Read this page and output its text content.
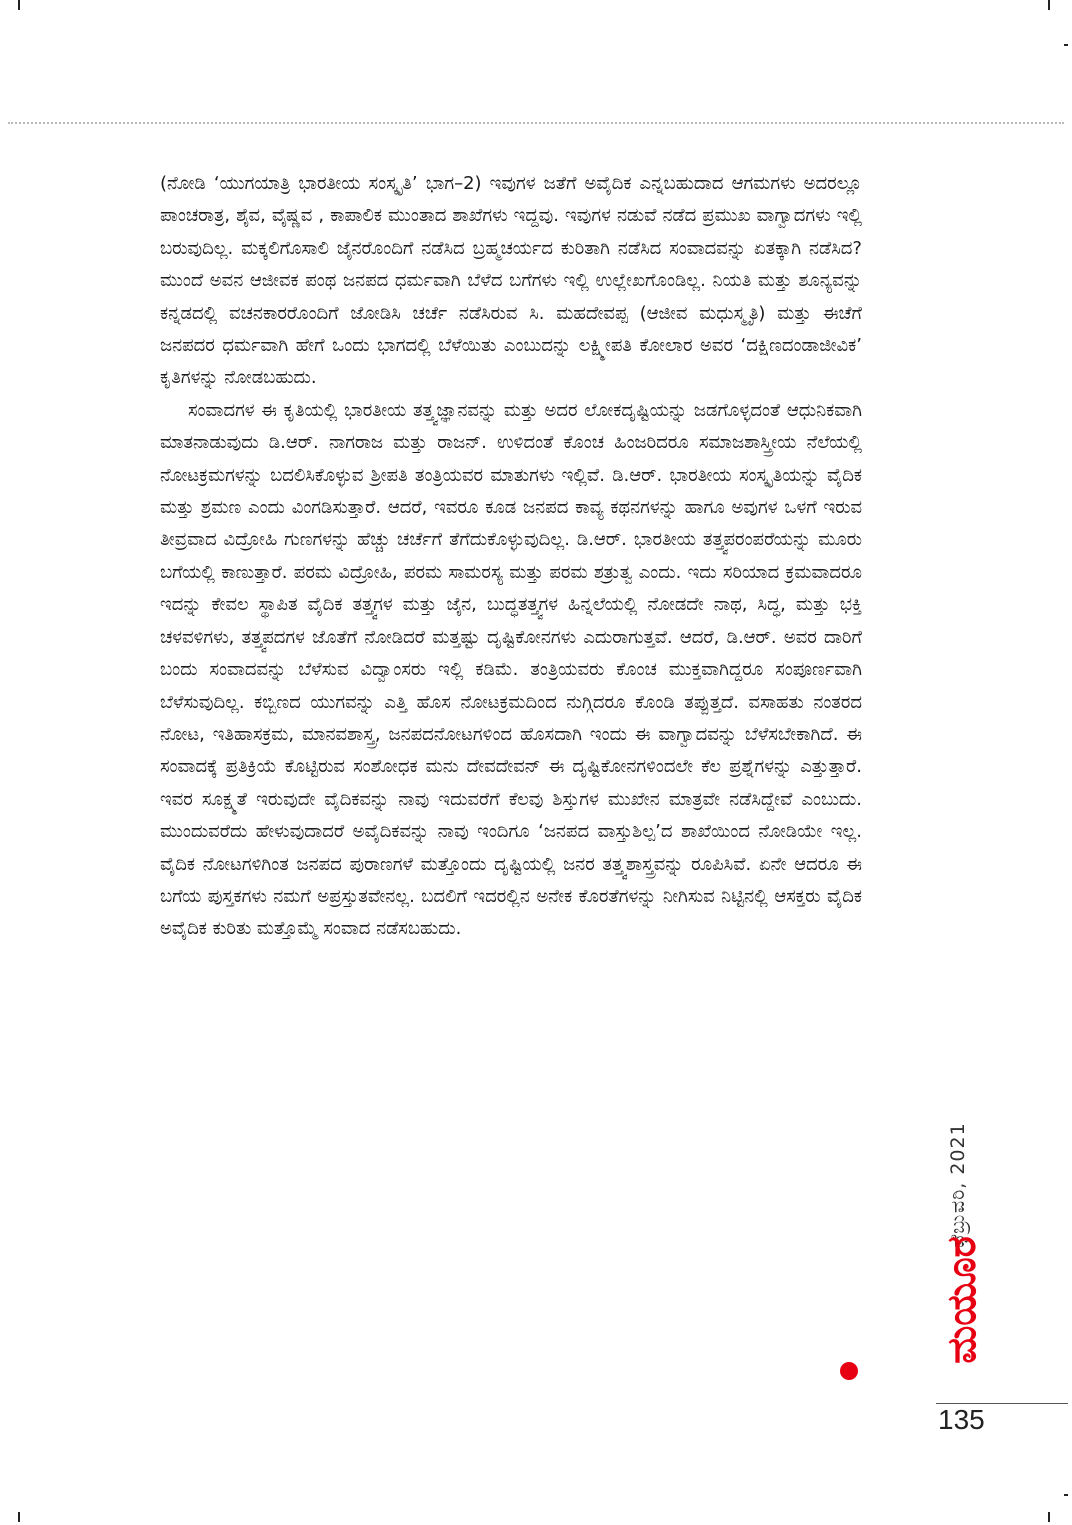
(ನೋಡಿ ‘ಯುಗಯಾತ್ರಿ ಭಾರತೀಯ ಸಂಸ್ಕೃತಿ’ ಭಾಗ–2) ಇವುಗಳ ಜತೆಗೆ ಅವೈದಿಕ ಎನ್ನಬಹುದಾದ ಆಗಮಗಳು ಅದರಲ್ಲೂ ಪಾಂಚರಾತ್ರ, ಶೈವ, ವೈಷ್ಣವ , ಕಾಪಾಲಿಕ ಮುಂತಾದ ಶಾಖೆಗಳು ಇದ್ದವು. ಇವುಗಳ ನಡುವೆ ನಡೆದ ಪ್ರಮುಖ ವಾಗ್ವಾದಗಳು ಇಲ್ಲಿ ಬರುವುದಿಲ್ಲ. ಮಕ್ಕಲಿಗೊಸಾಲಿ ಜೈನರೊಂದಿಗೆ ನಡೆಸಿದ ಬ್ರಹ್ಮಚರ್ಯದ ಕುರಿತಾಗಿ ನಡೆಸಿದ ಸಂವಾದವನ್ನು ಏತಕ್ಕಾಗಿ ನಡೆಸಿದ? ಮುಂದೆ ಅವನ ಆಜೀವಕ ಪಂಥ ಜನಪದ ಧರ್ಮವಾಗಿ ಬೆಳೆದ ಬಗೆಗಳು ಇಲ್ಲಿ ಉಲ್ಲೇಖಗೊಂಡಿಲ್ಲ. ನಿಯತಿ ಮತ್ತು ಶೂನ್ಯವನ್ನು ಕನ್ನಡದಲ್ಲಿ ವಚನಕಾರರೊಂದಿಗೆ ಜೋಡಿಸಿ ಚರ್ಚೆ ನಡೆಸಿರುವ ಸಿ. ಮಹದೇವಪ್ಪ (ಆಜೀವ ಮಧುಸ್ಮೃತಿ) ಮತ್ತು ಈಚೆಗೆ ಜನಪದರ ಧರ್ಮವಾಗಿ ಹೇಗೆ ಒಂದು ಭಾಗದಲ್ಲಿ ಬೆಳೆಯಿತು ಎಂಬುದನ್ನು ಲಕ್ಷ್ಮೀಪತಿ ಕೋಲಾರ ಅವರ ‘ದಕ್ಷಿಣದಂಡಾಜೀವಿಕ’ ಕೃತಿಗಳನ್ನು ನೋಡಬಹುದು.

ಸಂವಾದಗಳ ಈ ಕೃತಿಯಲ್ಲಿ ಭಾರತೀಯ ತತ್ತ್ವಜ್ಞಾನವನ್ನು ಮತ್ತು ಅದರ ಲೋಕದೃಷ್ಟಿಯನ್ನು ಜಡಗೊಳ್ಳದಂತೆ ಆಧುನಿಕವಾಗಿ ಮಾತನಾಡುವುದು ಡಿ.ಆರ್. ನಾಗರಾಜ ಮತ್ತು ರಾಜನ್. ಉಳಿದಂತೆ ಕೊಂಚ ಹಿಂಜರಿದರೂ ಸಮಾಜಶಾಸ್ತ್ರೀಯ ನೆಲೆಯಲ್ಲಿ ನೋಟಕ್ರಮಗಳನ್ನು ಬದಲಿಸಿಕೊಳ್ಳುವ ಶ್ರೀಪತಿ ತಂತ್ರಿಯವರ ಮಾತುಗಳು ಇಲ್ಲಿವೆ. ಡಿ.ಆರ್. ಭಾರತೀಯ ಸಂಸ್ಕೃತಿಯನ್ನು ವೈದಿಕ ಮತ್ತು ಶ್ರಮಣ ಎಂದು ವಿಂಗಡಿಸುತ್ತಾರೆ. ಆದರೆ, ಇವರೂ ಕೂಡ ಜನಪದ ಕಾವ್ಯ ಕಥನಗಳನ್ನು ಹಾಗೂ ಅವುಗಳ ಒಳಗೆ ಇರುವ ತೀವ್ರವಾದ ವಿದ್ರೋಹಿ ಗುಣಗಳನ್ನು ಹೆಚ್ಚು ಚರ್ಚೆಗೆ ತೆಗೆದುಕೊಳ್ಳುವುದಿಲ್ಲ. ಡಿ.ಆರ್. ಭಾರತೀಯ ತತ್ತ್ವಪರಂಪರೆಯನ್ನು ಮೂರು ಬಗೆಯಲ್ಲಿ ಕಾಣುತ್ತಾರೆ. ಪರಮ ವಿದ್ರೋಹಿ, ಪರಮ ಸಾಮರಸ್ಯ ಮತ್ತು ಪರಮ ಶತ್ರುತ್ವ ಎಂದು. ಇದು ಸರಿಯಾದ ಕ್ರಮವಾದರೂ ಇದನ್ನು ಕೇವಲ ಸ್ಥಾಪಿತ ವೈದಿಕ ತತ್ತ್ವಗಳ ಮತ್ತು ಜೈನ, ಬುದ್ಧತತ್ತ್ವಗಳ ಹಿನ್ನಲೆಯಲ್ಲಿ ನೋಡದೇ ನಾಥ, ಸಿದ್ಧ, ಮತ್ತು ಭಕ್ತಿ ಚಳವಳಿಗಳು, ತತ್ತ್ವಪದಗಳ ಜೊತೆಗೆ ನೋಡಿದರೆ ಮತ್ತಷ್ಟು ದೃಷ್ಟಿಕೋನಗಳು ಎದುರಾಗುತ್ತವೆ. ಆದರೆ, ಡಿ.ಆರ್. ಅವರ ದಾರಿಗೆ ಬಂದು ಸಂವಾದವನ್ನು ಬೆಳೆಸುವ ವಿದ್ವಾಂಸರು ಇಲ್ಲಿ ಕಡಿಮೆ. ತಂತ್ರಿಯವರು ಕೊಂಚ ಮುಕ್ತವಾಗಿದ್ದರೂ ಸಂಪೂರ್ಣವಾಗಿ ಬೆಳೆಸುವುದಿಲ್ಲ. ಕಬ್ಬಿಣದ ಯುಗವನ್ನು ಎತ್ತಿ ಹೊಸ ನೋಟಕ್ರಮದಿಂದ ನುಗ್ಗಿದರೂ ಕೊಂಡಿ ತಪ್ಪುತ್ತದೆ. ವಸಾಹತು ನಂತರದ ನೋಟ, ಇತಿಹಾಸಕ್ರಮ, ಮಾನವಶಾಸ್ತ್ರ, ಜನಪದನೋಟಗಳಿಂದ ಹೊಸದಾಗಿ ಇಂದು ಈ ವಾಗ್ವಾದವನ್ನು ಬೆಳೆಸಬೇಕಾಗಿದೆ. ಈ ಸಂವಾದಕ್ಕೆ ಪ್ರತಿಕ್ರಿಯೆ ಕೊಟ್ಟಿರುವ ಸಂಶೋಧಕ ಮನು ದೇವದೇವನ್ ಈ ದೃಷ್ಟಿಕೋನಗಳಿಂದಲೇ ಕೆಲ ಪ್ರಶ್ನೆಗಳನ್ನು ಎತ್ತುತ್ತಾರೆ. ಇವರ ಸೂಕ್ಷ್ಮತೆ ಇರುವುದೇ ವೈದಿಕವನ್ನು ನಾವು ಇದುವರೆಗೆ ಕೆಲವು ಶಿಸ್ತುಗಳ ಮುಖೇನ ಮಾತ್ರವೇ ನಡೆಸಿದ್ದೇವೆ ಎಂಬುದು. ಮುಂದುವರೆದು ಹೇಳುವುದಾದರೆ ಅವೈದಿಕವನ್ನು ನಾವು ಇಂದಿಗೂ ‘ಜನಪದ ವಾಸ್ತುಶಿಲ್ಪ’ದ ಶಾಖೆಯಿಂದ ನೋಡಿಯೇ ಇಲ್ಲ. ವೈದಿಕ ನೋಟಗಳಿಗಿಂತ ಜನಪದ ಪುರಾಣಗಳೆ ಮತ್ತೊಂದು ದೃಷ್ಟಿಯಲ್ಲಿ ಜನರ ತತ್ತ್ವಶಾಸ್ತ್ರವನ್ನು ರೂಪಿಸಿವೆ. ಏನೇ ಆದರೂ ಈ ಬಗೆಯ ಪುಸ್ತಕಗಳು ನಮಗೆ ಅಪ್ರಸ್ತುತವೇನಲ್ಲ. ಬದಲಿಗೆ ಇದರಲ್ಲಿನ ಅನೇಕ ಕೊರತೆಗಳನ್ನು ನೀಗಿಸುವ ನಿಟ್ಟಿನಲ್ಲಿ ಆಸಕ್ತರು ವೈದಿಕ ಅವೈದಿಕ ಕುರಿತು ಮತ್ತೊಮ್ಮೆ ಸಂವಾದ ನಡೆಸಬಹುದು.

ಫೆಬ್ರುವರಿ, 2021
ಮಯೂರ
135
